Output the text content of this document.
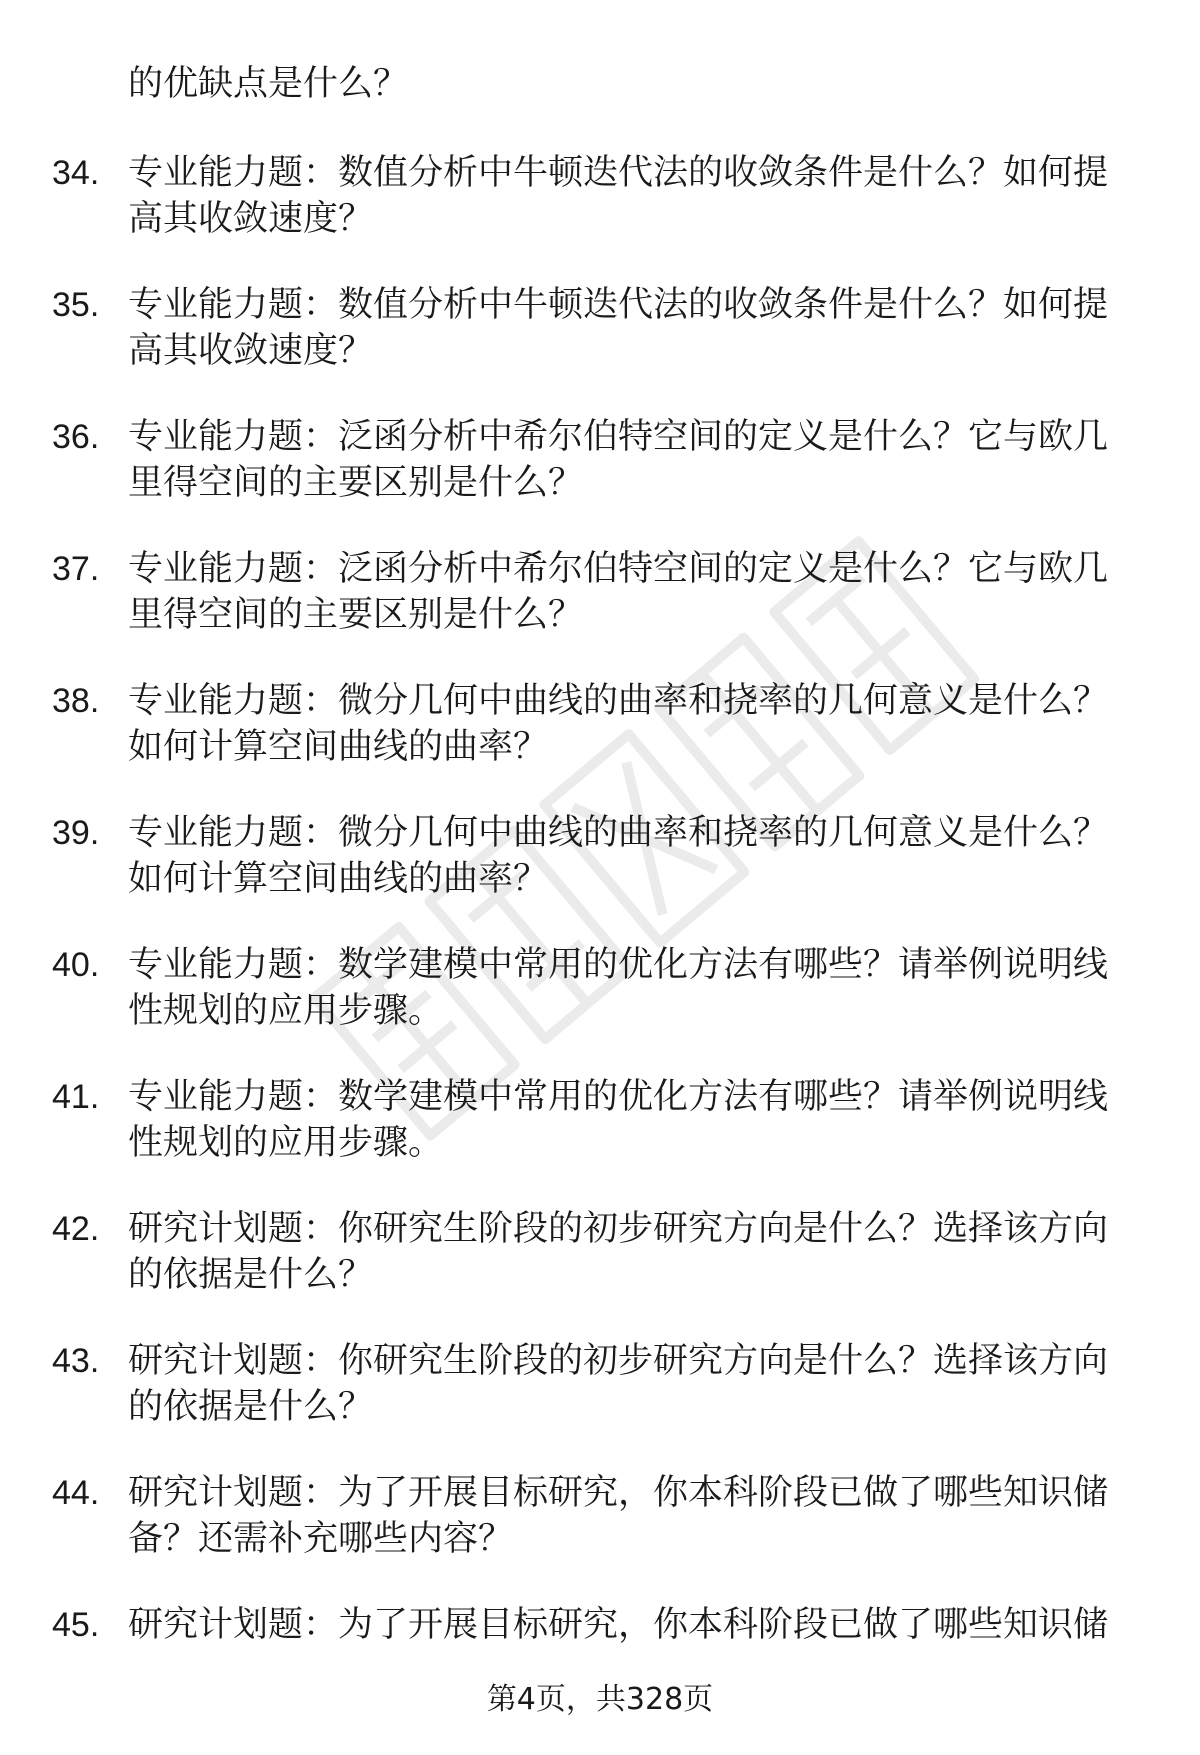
的优缺点是什么？
34. 专业能力题：数值分析中牛顿迭代法的收敛条件是什么？如何提
高其收敛速度？
35. 专业能力题：数值分析中牛顿迭代法的收敛条件是什么？如何提
高其收敛速度？
36. 专业能力题：泛函分析中希尔伯特空间的定义是什么？它与欧几
里得空间的主要区别是什么？
37. 专业能力题：泛函分析中希尔伯特空间的定义是什么？它与欧几
里得空间的主要区别是什么？
38. 专业能力题：微分几何中曲线的曲率和挠率的几何意义是什么？
如何计算空间曲线的曲率？
39. 专业能力题：微分几何中曲线的曲率和挠率的几何意义是什么？
如何计算空间曲线的曲率？
40. 专业能力题：数学建模中常用的优化方法有哪些？请举例说明线
性规划的应用步骤。
41. 专业能力题：数学建模中常用的优化方法有哪些？请举例说明线
性规划的应用步骤。
42. 研究计划题：你研究生阶段的初步研究方向是什么？选择该方向
的依据是什么？
43. 研究计划题：你研究生阶段的初步研究方向是什么？选择该方向
的依据是什么？
44. 研究计划题：为了开展目标研究，你本科阶段已做了哪些知识储
备？还需补充哪些内容？
45. 研究计划题：为了开展目标研究，你本科阶段已做了哪些知识储
第4页，共328页
